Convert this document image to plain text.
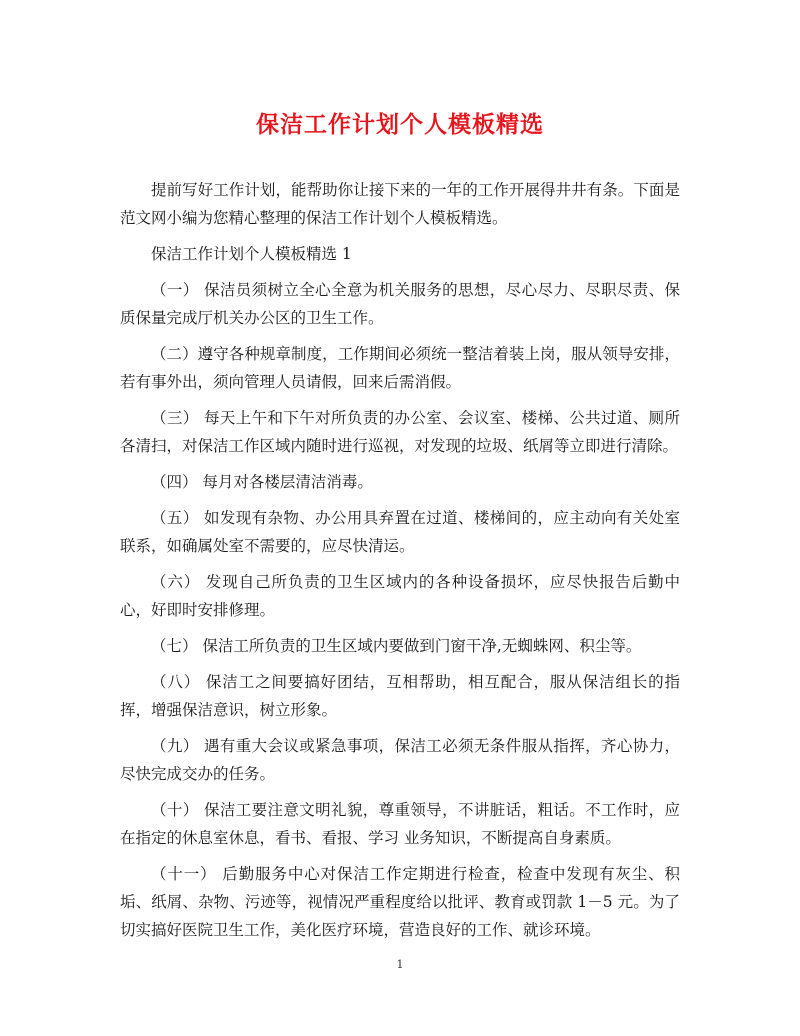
保洁工作计划个人模板精选

提前写好工作计划，能帮助你让接下来的一年的工作开展得井井有条。下面是范文网小编为您精心整理的保洁工作计划个人模板精选。

保洁工作计划个人模板精选 1

（一） 保洁员须树立全心全意为机关服务的思想，尽心尽力、尽职尽责、保质保量完成厅机关办公区的卫生工作。

（二）遵守各种规章制度，工作期间必须统一整洁着装上岗，服从领导安排，若有事外出，须向管理人员请假，回来后需消假。

（三） 每天上午和下午对所负责的办公室、会议室、楼梯、公共过道、厕所各清扫，对保洁工作区域内随时进行巡视，对发现的垃圾、纸屑等立即进行清除。

（四） 每月对各楼层清洁消毒。

（五） 如发现有杂物、办公用具弃置在过道、楼梯间的，应主动向有关处室联系，如确属处室不需要的，应尽快清运。

（六） 发现自己所负责的卫生区域内的各种设备损坏，应尽快报告后勤中心，好即时安排修理。

（七） 保洁工所负责的卫生区域内要做到门窗干净,无蜘蛛网、积尘等。

（八） 保洁工之间要搞好团结，互相帮助，相互配合，服从保洁组长的指挥，增强保洁意识，树立形象。

（九） 遇有重大会议或紧急事项，保洁工必须无条件服从指挥，齐心协力，尽快完成交办的任务。

（十） 保洁工要注意文明礼貌，尊重领导，不讲脏话，粗话。不工作时，应在指定的休息室休息，看书、看报、学习 业务知识，不断提高自身素质。

（十一） 后勤服务中心对保洁工作定期进行检查，检查中发现有灰尘、积垢、纸屑、杂物、污迹等，视情况严重程度给以批评、教育或罚款 1－5 元。为了切实搞好医院卫生工作，美化医疗环境，营造良好的工作、就诊环境。

1
